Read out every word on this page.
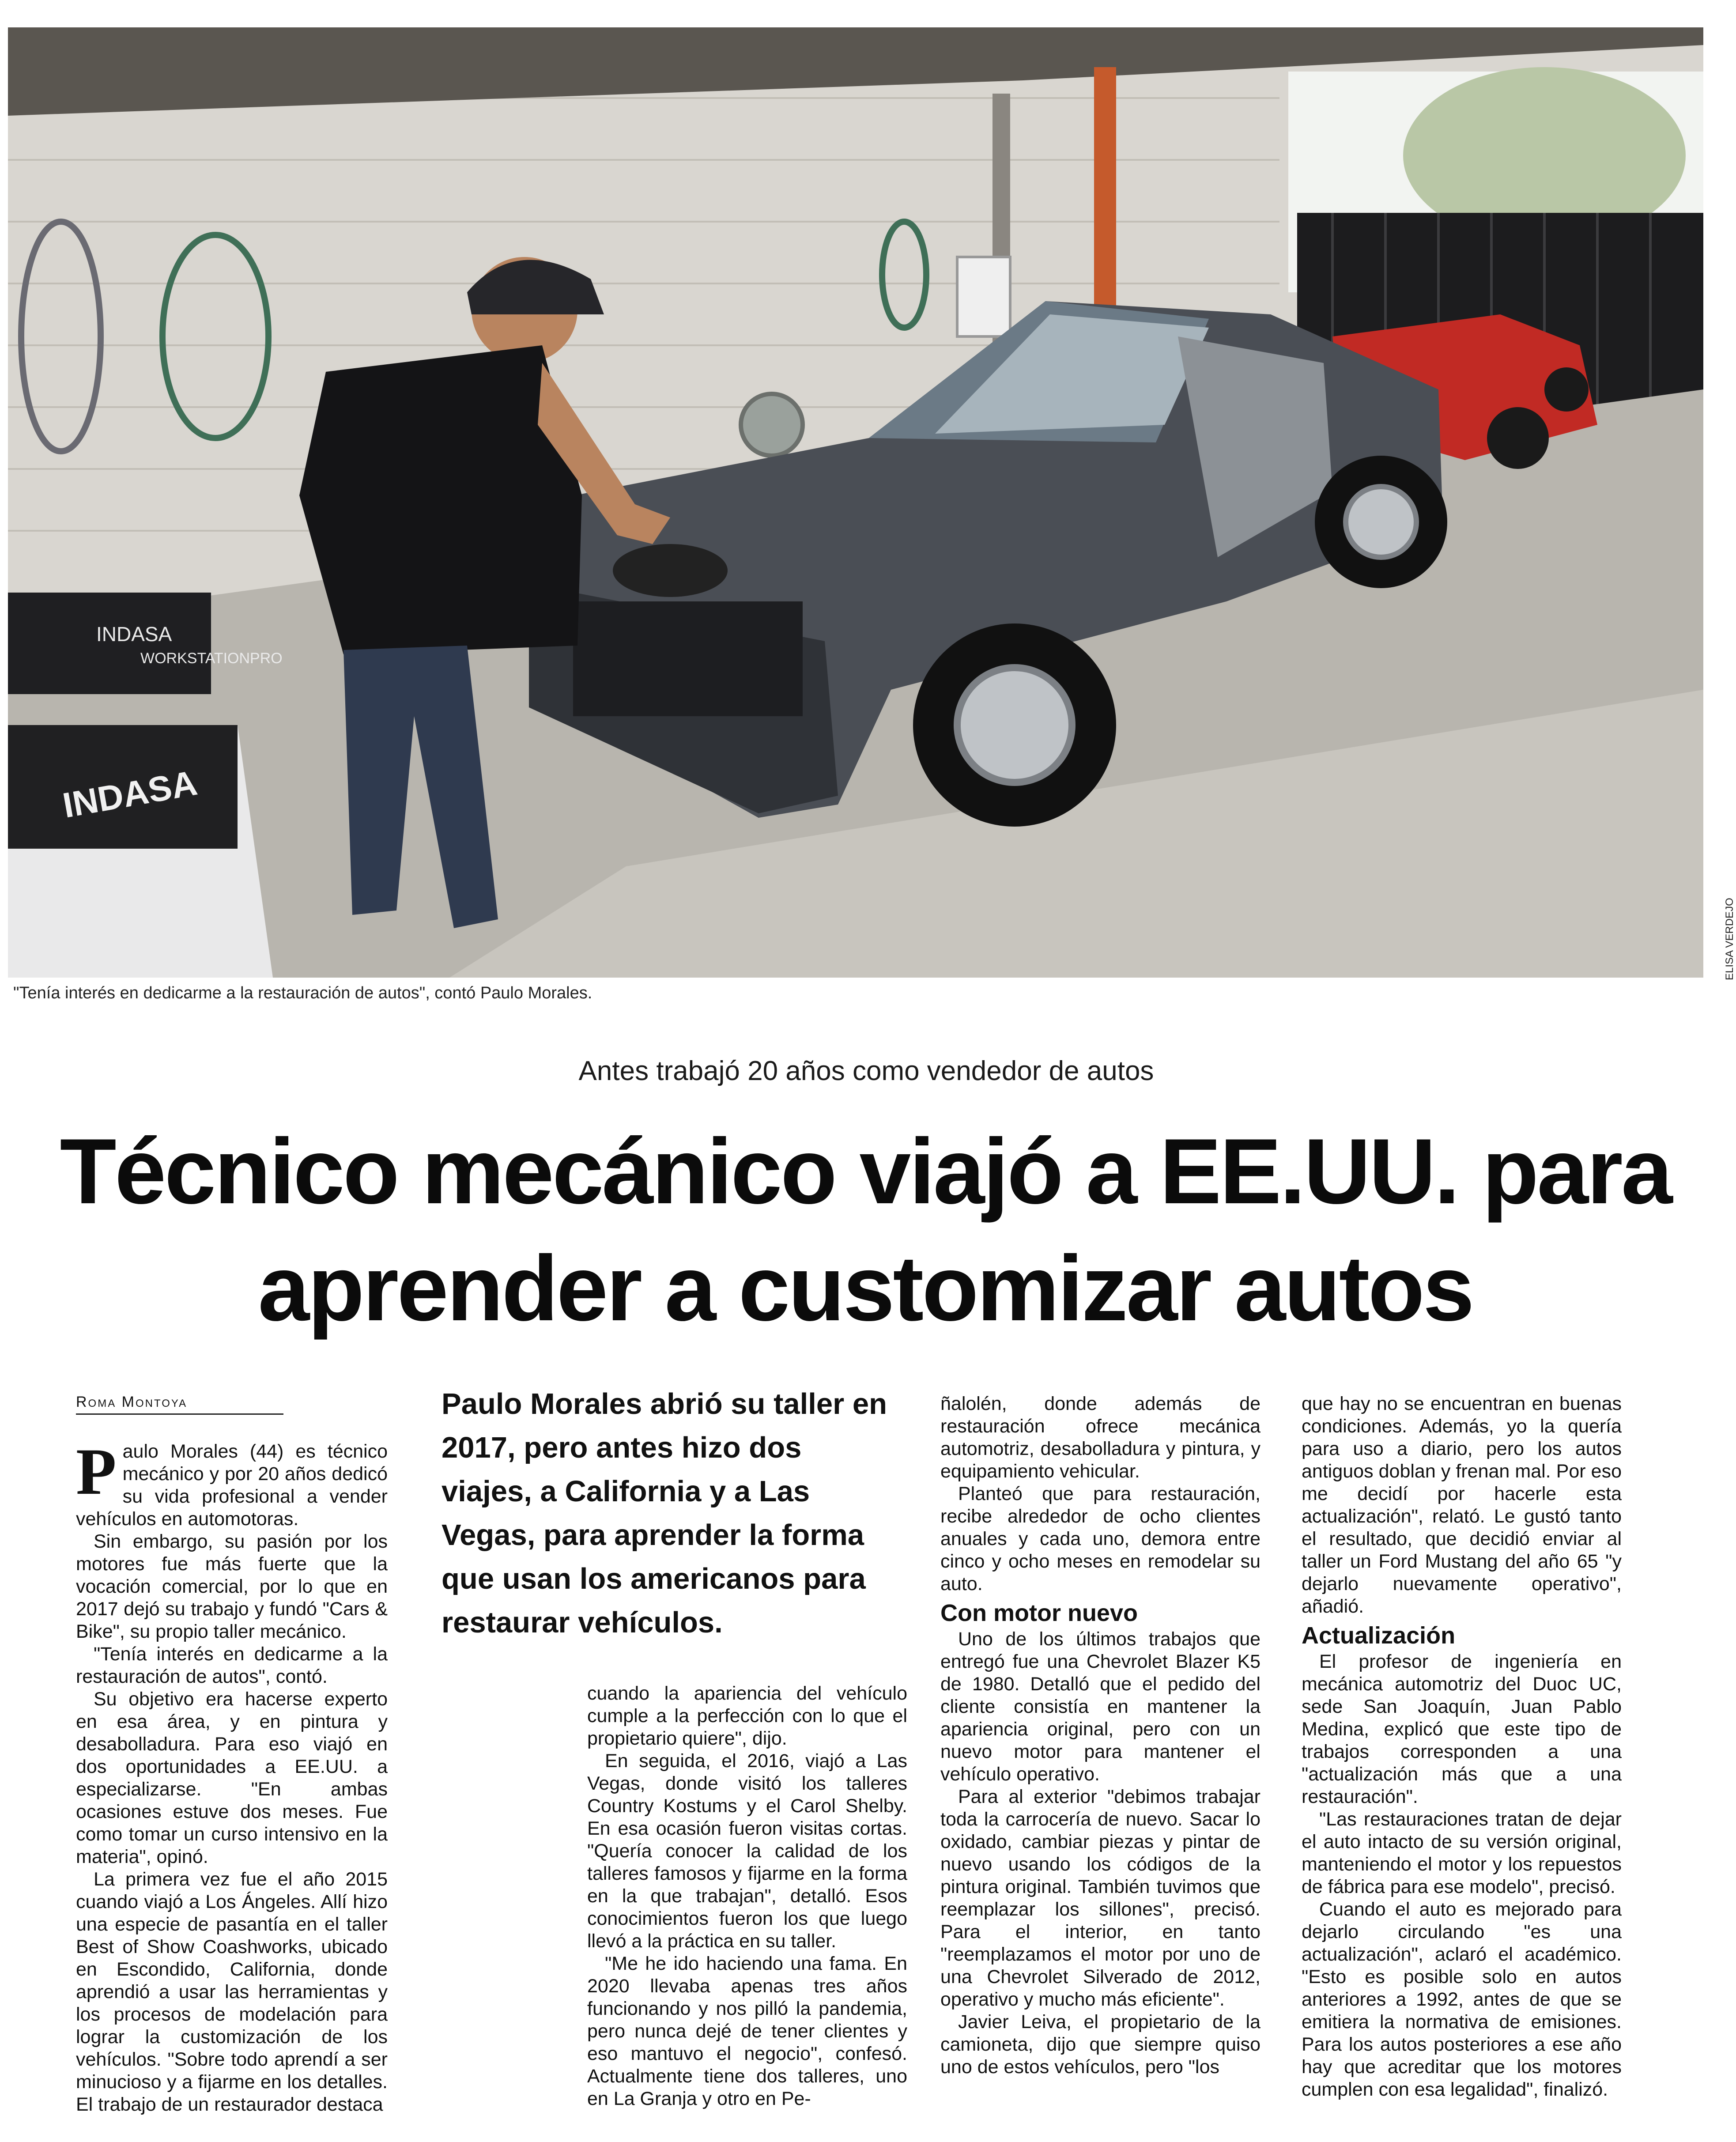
INDASA
WORKSTATIONPRO
INDASA
ELISA VERDEJO
"Tenía interés en dedicarme a la restauración de autos", contó Paulo Morales.
Antes trabajó 20 años como vendedor de autos
Técnico mecánico viajó a EE.UU. para
aprender a customizar autos
Roma Montoya

Paulo Morales (44) es técnico mecánico y por 20 años dedicó su vida profesional a vender vehículos en automotoras.

Sin embargo, su pasión por los motores fue más fuerte que la vocación comercial, por lo que en 2017 dejó su trabajo y fundó "Cars & Bike", su propio taller mecánico.

"Tenía interés en dedicarme a la restauración de autos", contó.

Su objetivo era hacerse experto en esa área, y en pintura y desabolladura. Para eso viajó en dos oportunidades a EE.UU. a especializarse. "En ambas ocasiones estuve dos meses. Fue como tomar un curso intensivo en la materia", opinó.

La primera vez fue el año 2015 cuando viajó a Los Ángeles. Allí hizo una especie de pasantía en el taller Best of Show Coashworks, ubicado en Escondido, California, donde aprendió a usar las herramientas y los procesos de modelación para lograr la customización de los vehículos. "Sobre todo aprendí a ser minucioso y a fijarme en los detalles. El trabajo de un restaurador destaca

Paulo Morales abrió su taller en 2017, pero antes hizo dos viajes, a California y a Las Vegas, para aprender la forma que usan los americanos para restaurar vehículos.

cuando la apariencia del vehículo cumple a la perfección con lo que el propietario quiere", dijo.

En seguida, el 2016, viajó a Las Vegas, donde visitó los talleres Country Kostums y el Carol Shelby. En esa ocasión fueron visitas cortas. "Quería conocer la calidad de los talleres famosos y fijarme en la forma en la que trabajan", detalló. Esos conocimientos fueron los que luego llevó a la práctica en su taller.

"Me he ido haciendo una fama. En 2020 llevaba apenas tres años funcionando y nos pilló la pandemia, pero nunca dejé de tener clientes y eso mantuvo el negocio", confesó. Actualmente tiene dos talleres, uno en La Granja y otro en Pe-

ñalolén, donde además de restauración ofrece mecánica automotriz, desabolladura y pintura, y equipamiento vehicular.

Planteó que para restauración, recibe alrededor de ocho clientes anuales y cada uno, demora entre cinco y ocho meses en remodelar su auto.

Con motor nuevo

Uno de los últimos trabajos que entregó fue una Chevrolet Blazer K5 de 1980. Detalló que el pedido del cliente consistía en mantener la apariencia original, pero con un nuevo motor para mantener el vehículo operativo.

Para al exterior "debimos trabajar toda la carrocería de nuevo. Sacar lo oxidado, cambiar piezas y pintar de nuevo usando los códigos de la pintura original. También tuvimos que reemplazar los sillones", precisó. Para el interior, en tanto "reemplazamos el motor por uno de una Chevrolet Silverado de 2012, operativo y mucho más eficiente".

Javier Leiva, el propietario de la camioneta, dijo que siempre quiso uno de estos vehículos, pero "los

que hay no se encuentran en buenas condiciones. Además, yo la quería para uso a diario, pero los autos antiguos doblan y frenan mal. Por eso me decidí por hacerle esta actualización", relató. Le gustó tanto el resultado, que decidió enviar al taller un Ford Mustang del año 65 "y dejarlo nuevamente operativo", añadió.

Actualización

El profesor de ingeniería en mecánica automotriz del Duoc UC, sede San Joaquín, Juan Pablo Medina, explicó que este tipo de trabajos corresponden a una "actualización más que a una restauración".

"Las restauraciones tratan de dejar el auto intacto de su versión original, manteniendo el motor y los repuestos de fábrica para ese modelo", precisó.

Cuando el auto es mejorado para dejarlo circulando "es una actualización", aclaró el académico. "Esto es posible solo en autos anteriores a 1992, antes de que se emitiera la normativa de emisiones. Para los autos posteriores a ese año hay que acreditar que los motores cumplen con esa legalidad", finalizó.
